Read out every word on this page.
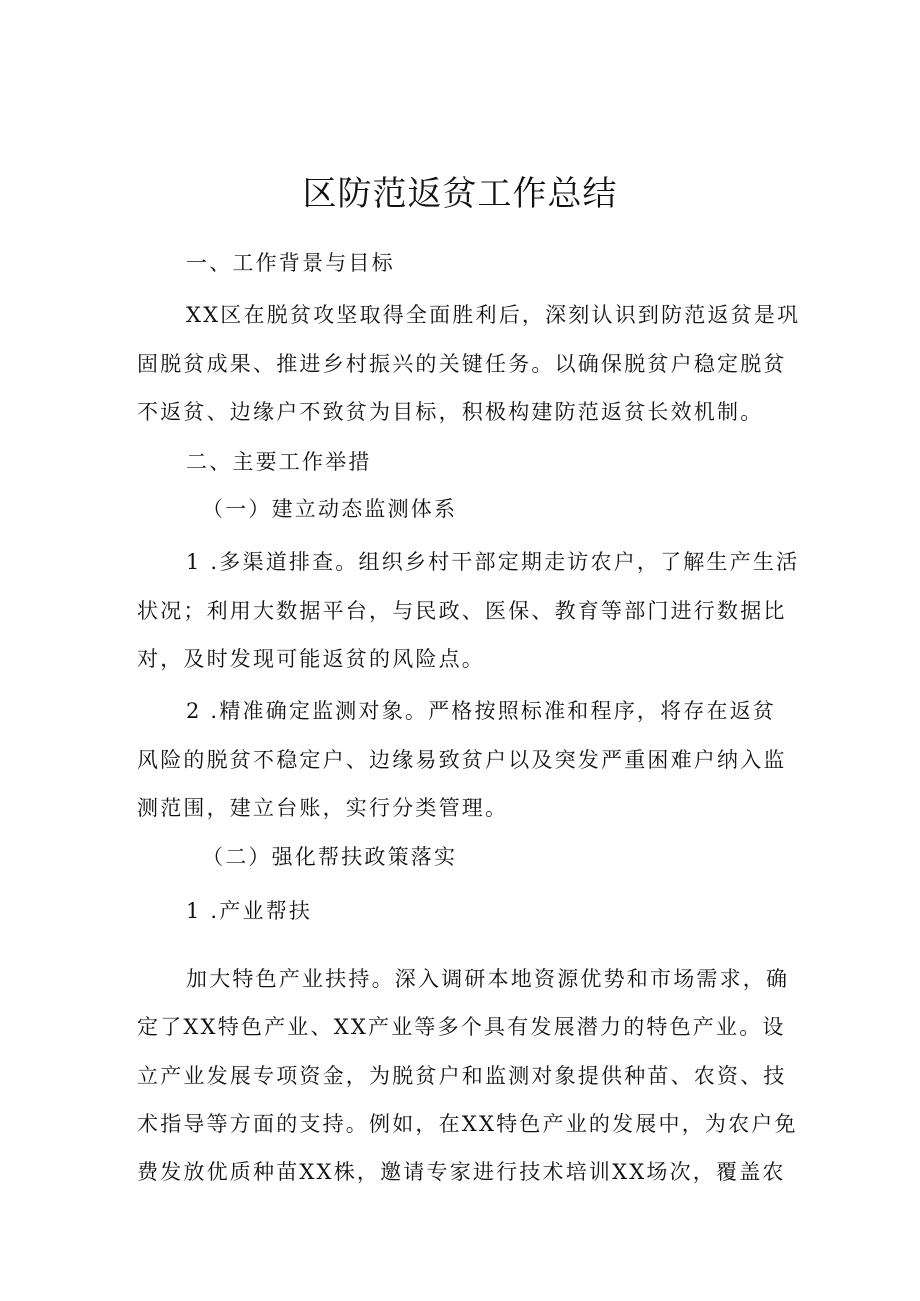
区防范返贫工作总结
一、工作背景与目标
XX区在脱贫攻坚取得全面胜利后，深刻认识到防范返贫是巩
固脱贫成果、推进乡村振兴的关键任务。以确保脱贫户稳定脱贫
不返贫、边缘户不致贫为目标，积极构建防范返贫长效机制。
二、主要工作举措
（一）建立动态监测体系
1 .多渠道排查。组织乡村干部定期走访农户，了解生产生活
状况；利用大数据平台，与民政、医保、教育等部门进行数据比
对，及时发现可能返贫的风险点。
2 .精准确定监测对象。严格按照标准和程序，将存在返贫
风险的脱贫不稳定户、边缘易致贫户以及突发严重困难户纳入监
测范围，建立台账，实行分类管理。
（二）强化帮扶政策落实
1 .产业帮扶
加大特色产业扶持。深入调研本地资源优势和市场需求，确
定了XX特色产业、XX产业等多个具有发展潜力的特色产业。设
立产业发展专项资金，为脱贫户和监测对象提供种苗、农资、技
术指导等方面的支持。例如，在XX特色产业的发展中，为农户免
费发放优质种苗XX株，邀请专家进行技术培训XX场次，覆盖农
